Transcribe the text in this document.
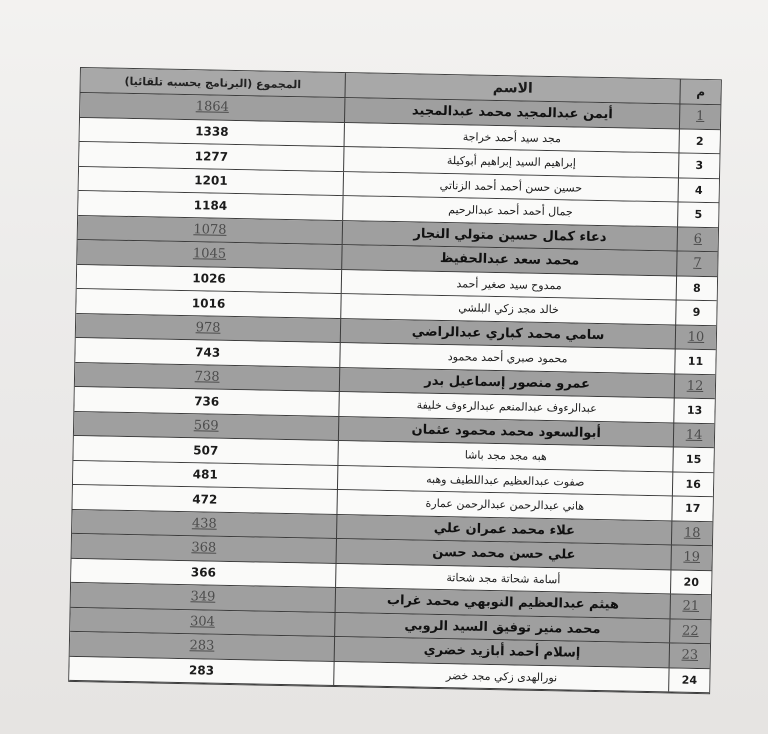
المجموع (البرنامج يحسبه تلقائيا)	الاسم	م
1864	أيمن عبدالمجيد محمد عبدالمجيد	1
1338	مجد سيد أحمد خراجة	2
1277	إبراهيم السيد إبراهيم أبوكيلة	3
1201	حسين حسن أحمد أحمد الزناتي	4
1184	جمال أحمد أحمد عبدالرحيم	5
1078	دعاء كمال حسين متولي النجار	6
1045	محمد سعد عبدالحفيظ	7
1026	ممدوح سيد صغير أحمد	8
1016	خالد مجد زكي البلشي	9
978	سامي محمد كباري عبدالراضي	10
743	محمود صبري أحمد محمود	11
738	عمرو منصور إسماعيل بدر	12
736	عبدالرءوف عبدالمنعم عبدالرءوف خليفة	13
569	أبوالسعود محمد محمود عثمان	14
507	هبه مجد مجد باشا	15
481	صفوت عبدالعظيم عبداللطيف وهبه	16
472	هاني عبدالرحمن عبدالرحمن عمارة	17
438	علاء محمد عمران علي	18
368	علي حسن محمد حسن	19
366	أسامة شحاتة مجد شحاتة	20
349	هيثم عبدالعظيم النوبهي محمد غراب	21
304	محمد منير توفيق السيد الروبي	22
283	إسلام أحمد أبازيد خضري	23
283	نورالهدى زكي مجد خضر	24
